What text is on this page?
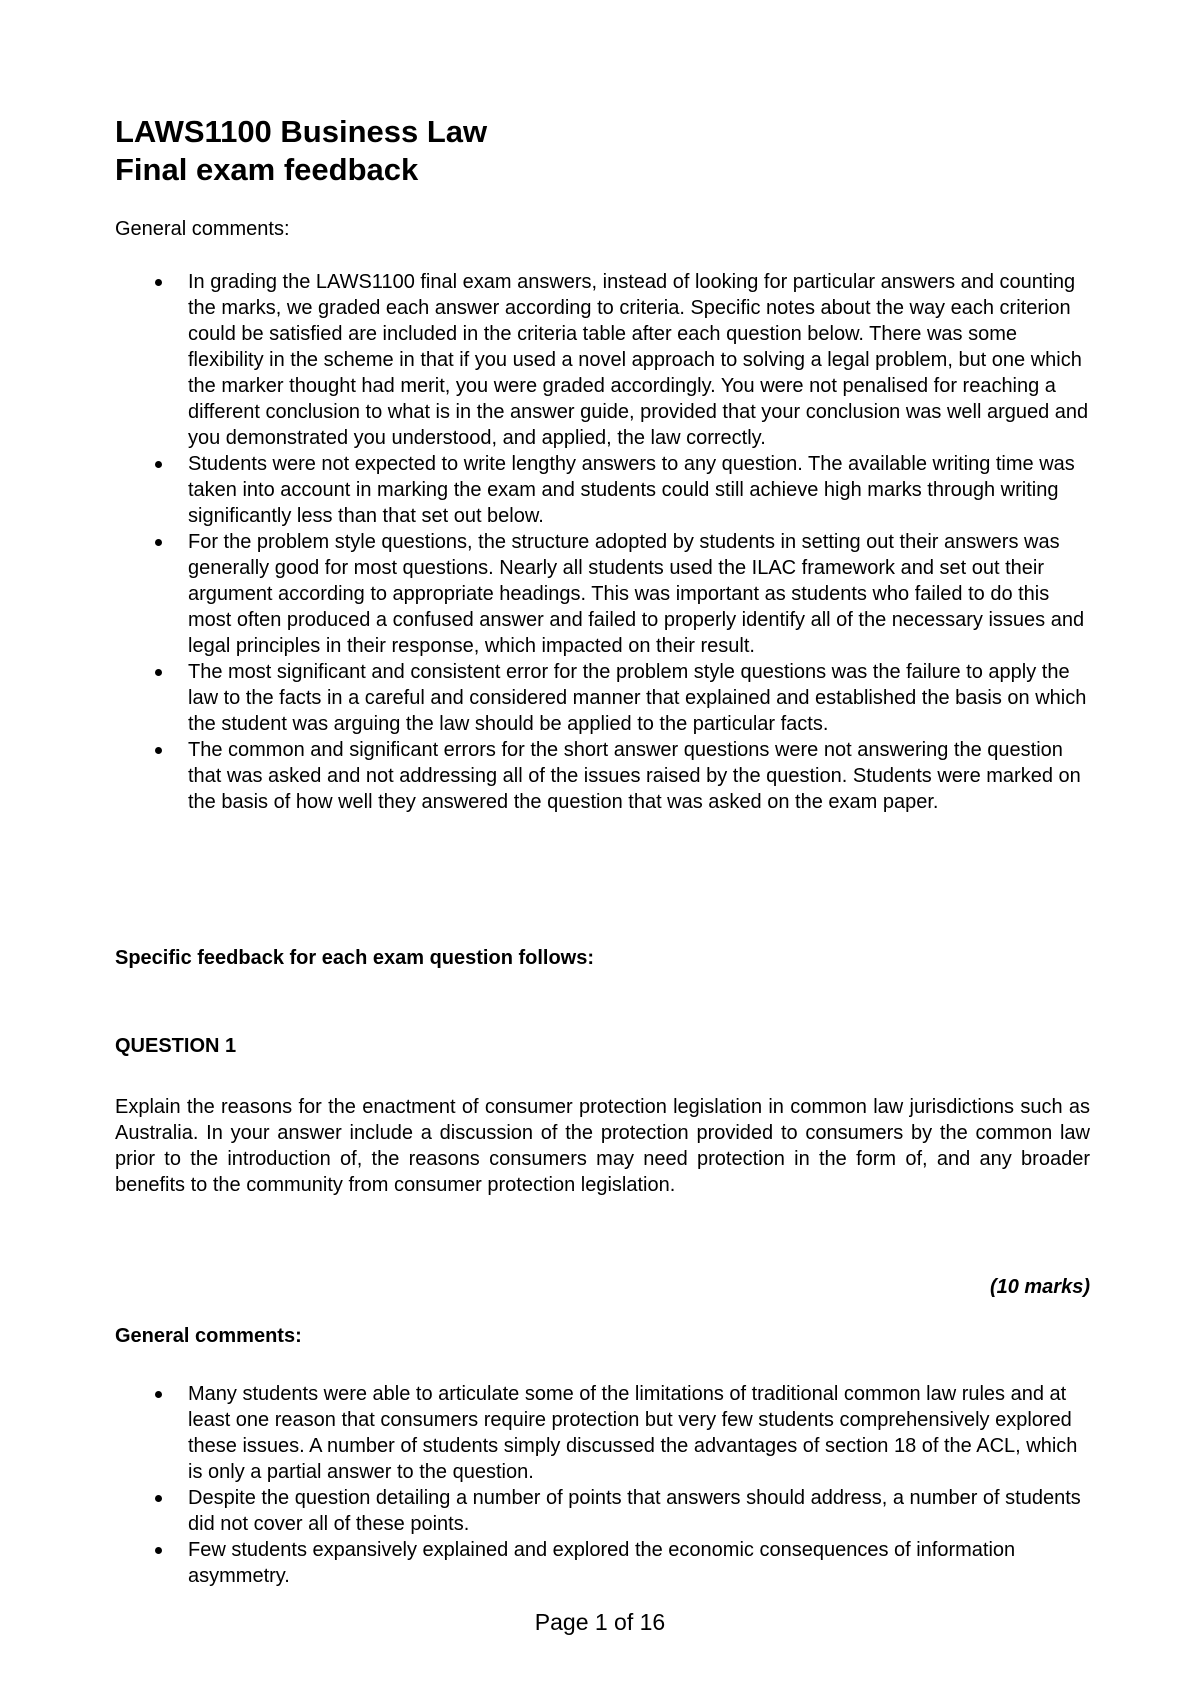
LAWS1100 Business Law
Final exam feedback

General comments:

In grading the LAWS1100 final exam answers, instead of looking for particular answers and counting the marks, we graded each answer according to criteria. Specific notes about the way each criterion could be satisfied are included in the criteria table after each question below. There was some flexibility in the scheme in that if you used a novel approach to solving a legal problem, but one which the marker thought had merit, you were graded accordingly. You were not penalised for reaching a different conclusion to what is in the answer guide, provided that your conclusion was well argued and you demonstrated you understood, and applied, the law correctly.
Students were not expected to write lengthy answers to any question. The available writing time was taken into account in marking the exam and students could still achieve high marks through writing significantly less than that set out below.
For the problem style questions, the structure adopted by students in setting out their answers was generally good for most questions. Nearly all students used the ILAC framework and set out their argument according to appropriate headings. This was important as students who failed to do this most often produced a confused answer and failed to properly identify all of the necessary issues and legal principles in their response, which impacted on their result.
The most significant and consistent error for the problem style questions was the failure to apply the law to the facts in a careful and considered manner that explained and established the basis on which the student was arguing the law should be applied to the particular facts.
The common and significant errors for the short answer questions were not answering the question that was asked and not addressing all of the issues raised by the question. Students were marked on the basis of how well they answered the question that was asked on the exam paper.

Specific feedback for each exam question follows:

QUESTION 1

Explain the reasons for the enactment of consumer protection legislation in common law jurisdictions such as Australia. In your answer include a discussion of the protection provided to consumers by the common law prior to the introduction of, the reasons consumers may need protection in the form of, and any broader benefits to the community from consumer protection legislation.

(10 marks)

General comments:

Many students were able to articulate some of the limitations of traditional common law rules and at least one reason that consumers require protection but very few students comprehensively explored these issues. A number of students simply discussed the advantages of section 18 of the ACL, which is only a partial answer to the question.
Despite the question detailing a number of points that answers should address, a number of students did not cover all of these points.
Few students expansively explained and explored the economic consequences of information asymmetry.

Page 1 of 16
